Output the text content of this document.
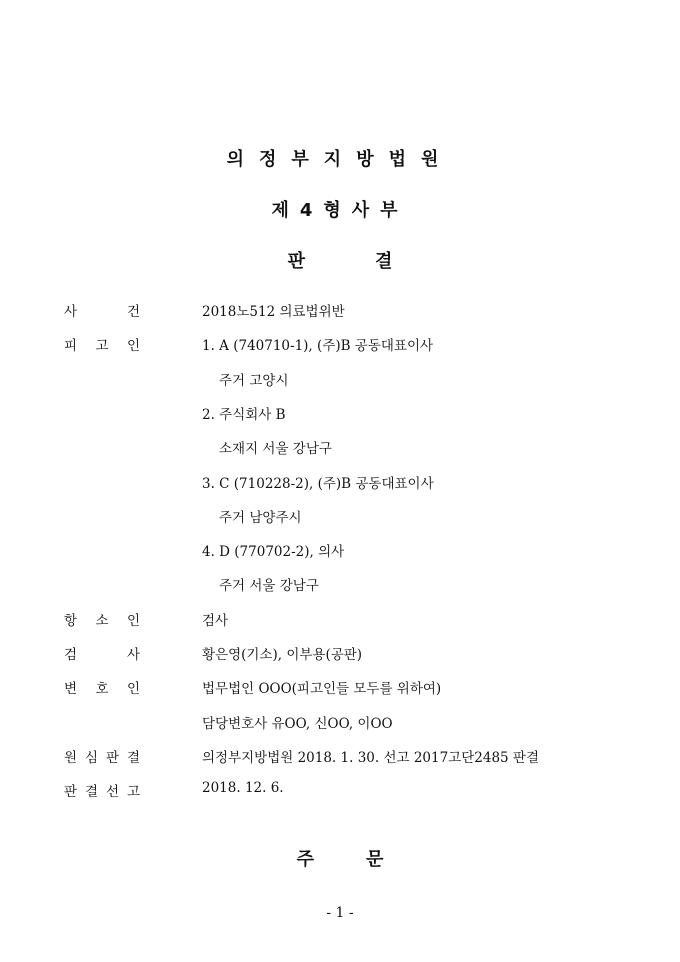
의정부지방법원
제4형사부
판	결
사	건	2018노512 의료법위반
피 고 인	1. A (740710-1), (주)B 공동대표이사
주거 고양시
2. 주식회사 B
소재지 서울 강남구
3. C (710228-2), (주)B 공동대표이사
주거 남양주시
4. D (770702-2), 의사
주거 서울 강남구
항 소 인	검사
검	사	황은영(기소), 이부용(공판)
변 호 인	법무법인 OOO(피고인들 모두를 위하여)
담당변호사 유OO, 신OO, 이OO
원 심 판 결	의정부지방법원 2018. 1. 30. 선고 2017고단2485 판결
판 결 선 고	2018. 12. 6.
주	문
- 1 -
